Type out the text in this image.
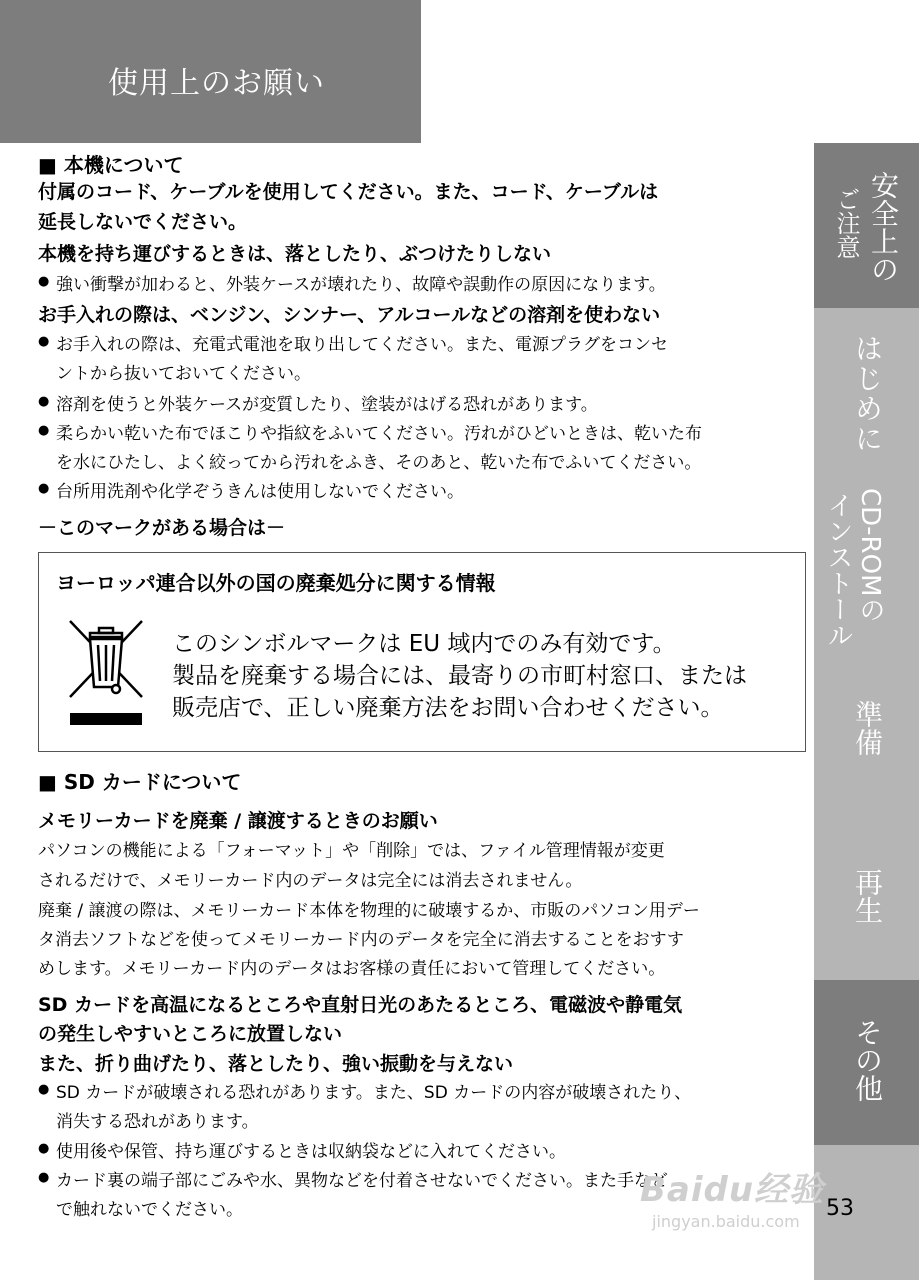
使用上のお願い
安全上の
ご注意
はじめに
CD-ROMの
インストール
準備
再生
その他
■ 本機について
付属のコード、ケーブルを使用してください。また、コード、ケーブルは
延長しないでください。
本機を持ち運びするときは、落としたり、ぶつけたりしない
● 強い衝撃が加わると、外装ケースが壊れたり、故障や誤動作の原因になります。
お手入れの際は、ベンジン、シンナー、アルコールなどの溶剤を使わない
● お手入れの際は、充電式電池を取り出してください。また、電源プラグをコンセ
ントから抜いておいてください。
● 溶剤を使うと外装ケースが変質したり、塗装がはげる恐れがあります。
● 柔らかい乾いた布でほこりや指紋をふいてください。汚れがひどいときは、乾いた布
を水にひたし、よく絞ってから汚れをふき、そのあと、乾いた布でふいてください。
● 台所用洗剤や化学ぞうきんは使用しないでください。
－このマークがある場合は－
ヨーロッパ連合以外の国の廃棄処分に関する情報
このシンボルマークは EU 域内でのみ有効です。
製品を廃棄する場合には、最寄りの市町村窓口、または
販売店で、正しい廃棄方法をお問い合わせください。
■ SD カードについて
メモリーカードを廃棄 / 譲渡するときのお願い
パソコンの機能による「フォーマット」や「削除」では、ファイル管理情報が変更
されるだけで、メモリーカード内のデータは完全には消去されません。
廃棄 / 譲渡の際は、メモリーカード本体を物理的に破壊するか、市販のパソコン用デー
タ消去ソフトなどを使ってメモリーカード内のデータを完全に消去することをおすす
めします。メモリーカード内のデータはお客様の責任において管理してください。
SD カードを高温になるところや直射日光のあたるところ、電磁波や静電気
の発生しやすいところに放置しない
また、折り曲げたり、落としたり、強い振動を与えない
● SD カードが破壊される恐れがあります。また、SD カードの内容が破壊されたり、
消失する恐れがあります。
● 使用後や保管、持ち運びするときは収納袋などに入れてください。
● カード裏の端子部にごみや水、異物などを付着させないでください。また手など
で触れないでください。	Baidu经验
jingyan.baidu.com
53
